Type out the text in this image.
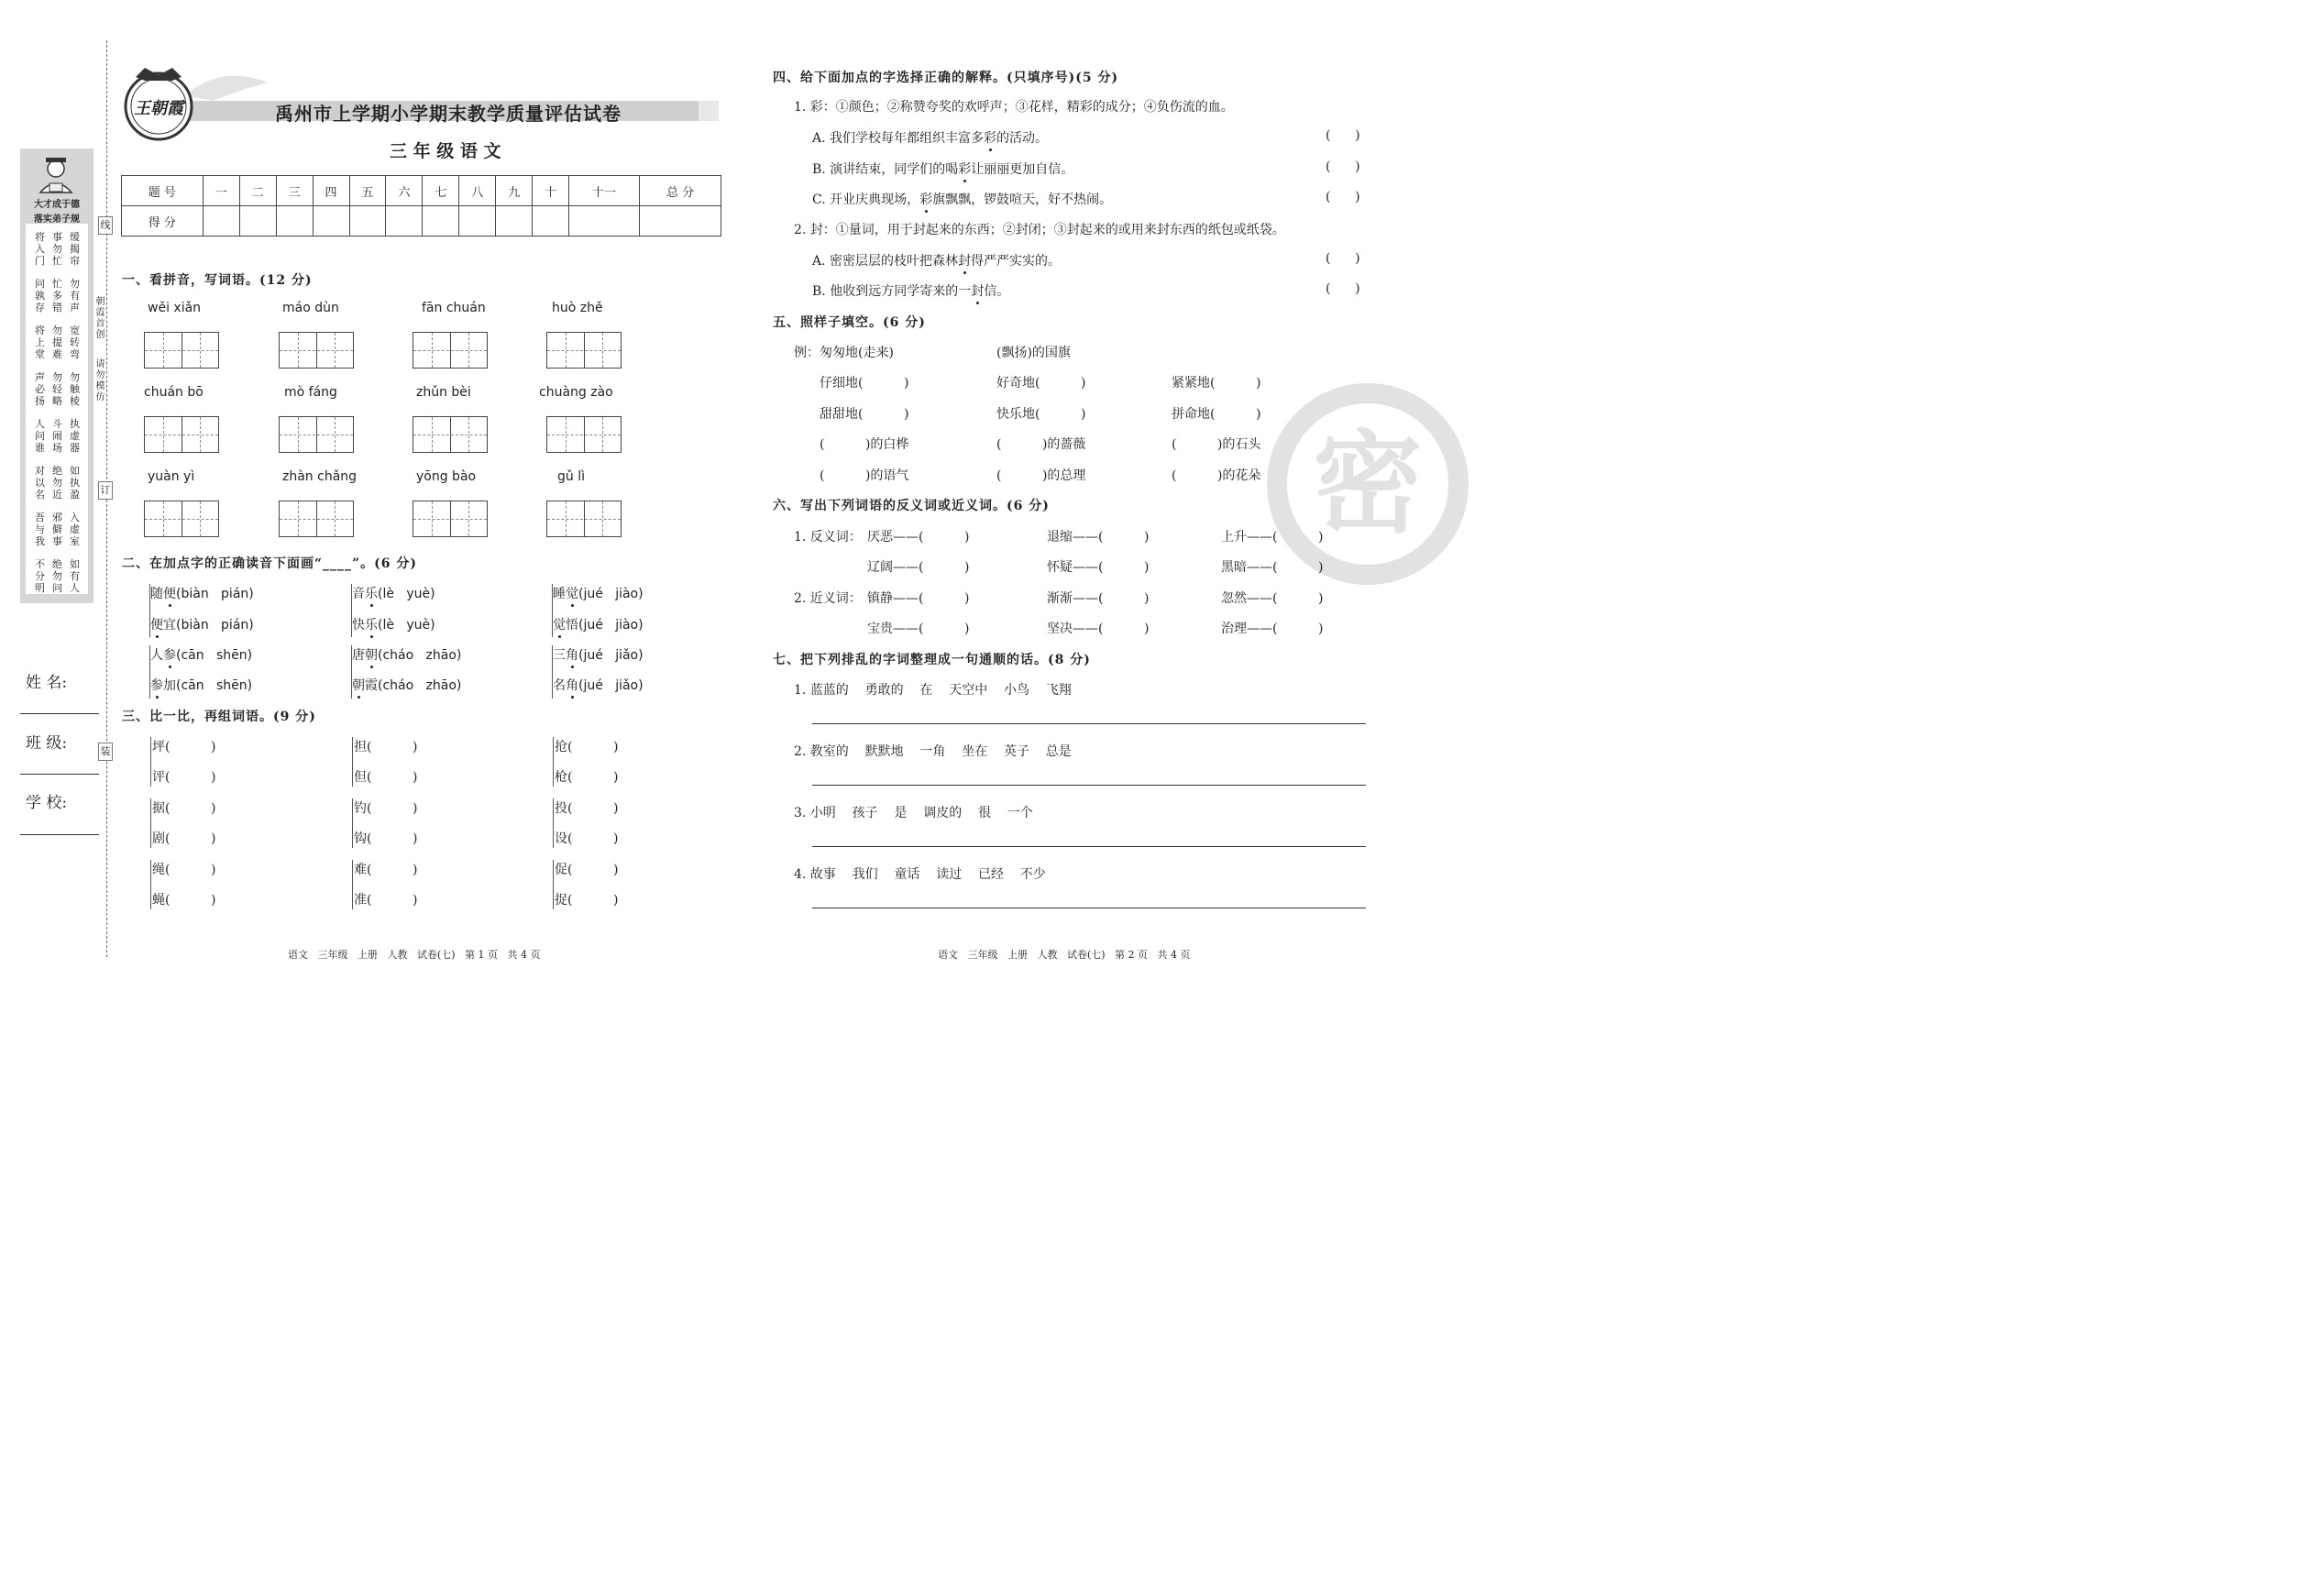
大才成于德
落实弟子规
将入门
事勿忙
缓揭帘
问孰存
忙多错
勿有声
将上堂
勿提难
宽转弯
声必扬
勿轻略
勿触棱
人问谁
斗闹场
执虚器
对以名
绝勿近
如执盈
吾与我
邪僻事
入虚室
不分明
绝勿问
如有人
线
订
装
朝霞首创
请勿模仿
姓 名:
班 级:
学 校:
王朝霞	禹州市上学期小学期末教学质量评估试卷
三 年 级 语 文
题 号	一	二	三	四	五	六	七	八	九	十	十一	总 分
得 分												
一、看拼音，写词语。(12 分)
wěi xiǎn	máo dùn	fān chuán	huò zhě
chuán bō	mò fáng	zhǔn bèi	chuàng zào
yuàn yì	zhàn chǎng	yōng bào	gǔ lì
二、在加点字的正确读音下面画“____”。(6 分)
随便(biàn   pián)	音乐(lè   yuè)	睡觉(jué   jiào)
便宜(biàn   pián)	快乐(lè   yuè)	觉悟(jué   jiào)
人参(cān   shēn)	唐朝(cháo   zhāo)	三角(jué   jiǎo)
参加(cān   shēn)	朝霞(cháo   zhāo)	名角(jué   jiǎo)
三、比一比，再组词语。(9 分)
坪(          )	担(          )	抢(          )
评(          )	但(          )	枪(          )
据(          )	钓(          )	投(          )
剧(          )	钩(          )	设(          )
绳(          )	难(          )	促(          )
蝇(          )	准(          )	捉(          )
语文   三年级   上册   人教   试卷(七)   第 1 页   共 4 页
密
四、给下面加点的字选择正确的解释。(只填序号)(5 分)
1. 彩：①颜色；②称赞夸奖的欢呼声；③花样，精彩的成分；④负伤流的血。
A. 我们学校每年都组织丰富多彩的活动。
B. 演讲结束，同学们的喝彩让丽丽更加自信。
C. 开业庆典现场，彩旗飘飘，锣鼓喧天，好不热闹。
2. 封：①量词，用于封起来的东西；②封闭；③封起来的或用来封东西的纸包或纸袋。
A. 密密层层的枝叶把森林封得严严实实的。
B. 他收到远方同学寄来的一封信。
(      )
(      )
(      )
(      )
(      )
五、照样子填空。(6 分)
例：匆匆地(走来)	(飘扬)的国旗
仔细地(          )	好奇地(          )	紧紧地(          )
甜甜地(          )	快乐地(          )	拼命地(          )
(          )的白桦	(          )的蔷薇	(          )的石头
(          )的语气	(          )的总理	(          )的花朵
六、写出下列词语的反义词或近义词。(6 分)
1. 反义词：
2. 近义词：
厌恶——(          )	退缩——(          )	上升——(          )
辽阔——(          )	怀疑——(          )	黑暗——(          )
镇静——(          )	渐渐——(          )	忽然——(          )
宝贵——(          )	坚决——(          )	治理——(          )
七、把下列排乱的字词整理成一句通顺的话。(8 分)
1. 蓝蓝的    勇敢的    在    天空中    小鸟    飞翔
2. 教室的    默默地    一角    坐在    英子    总是
3. 小明    孩子    是    调皮的    很    一个
4. 故事    我们    童话    读过    已经    不少
语文   三年级   上册   人教   试卷(七)   第 2 页   共 4 页
